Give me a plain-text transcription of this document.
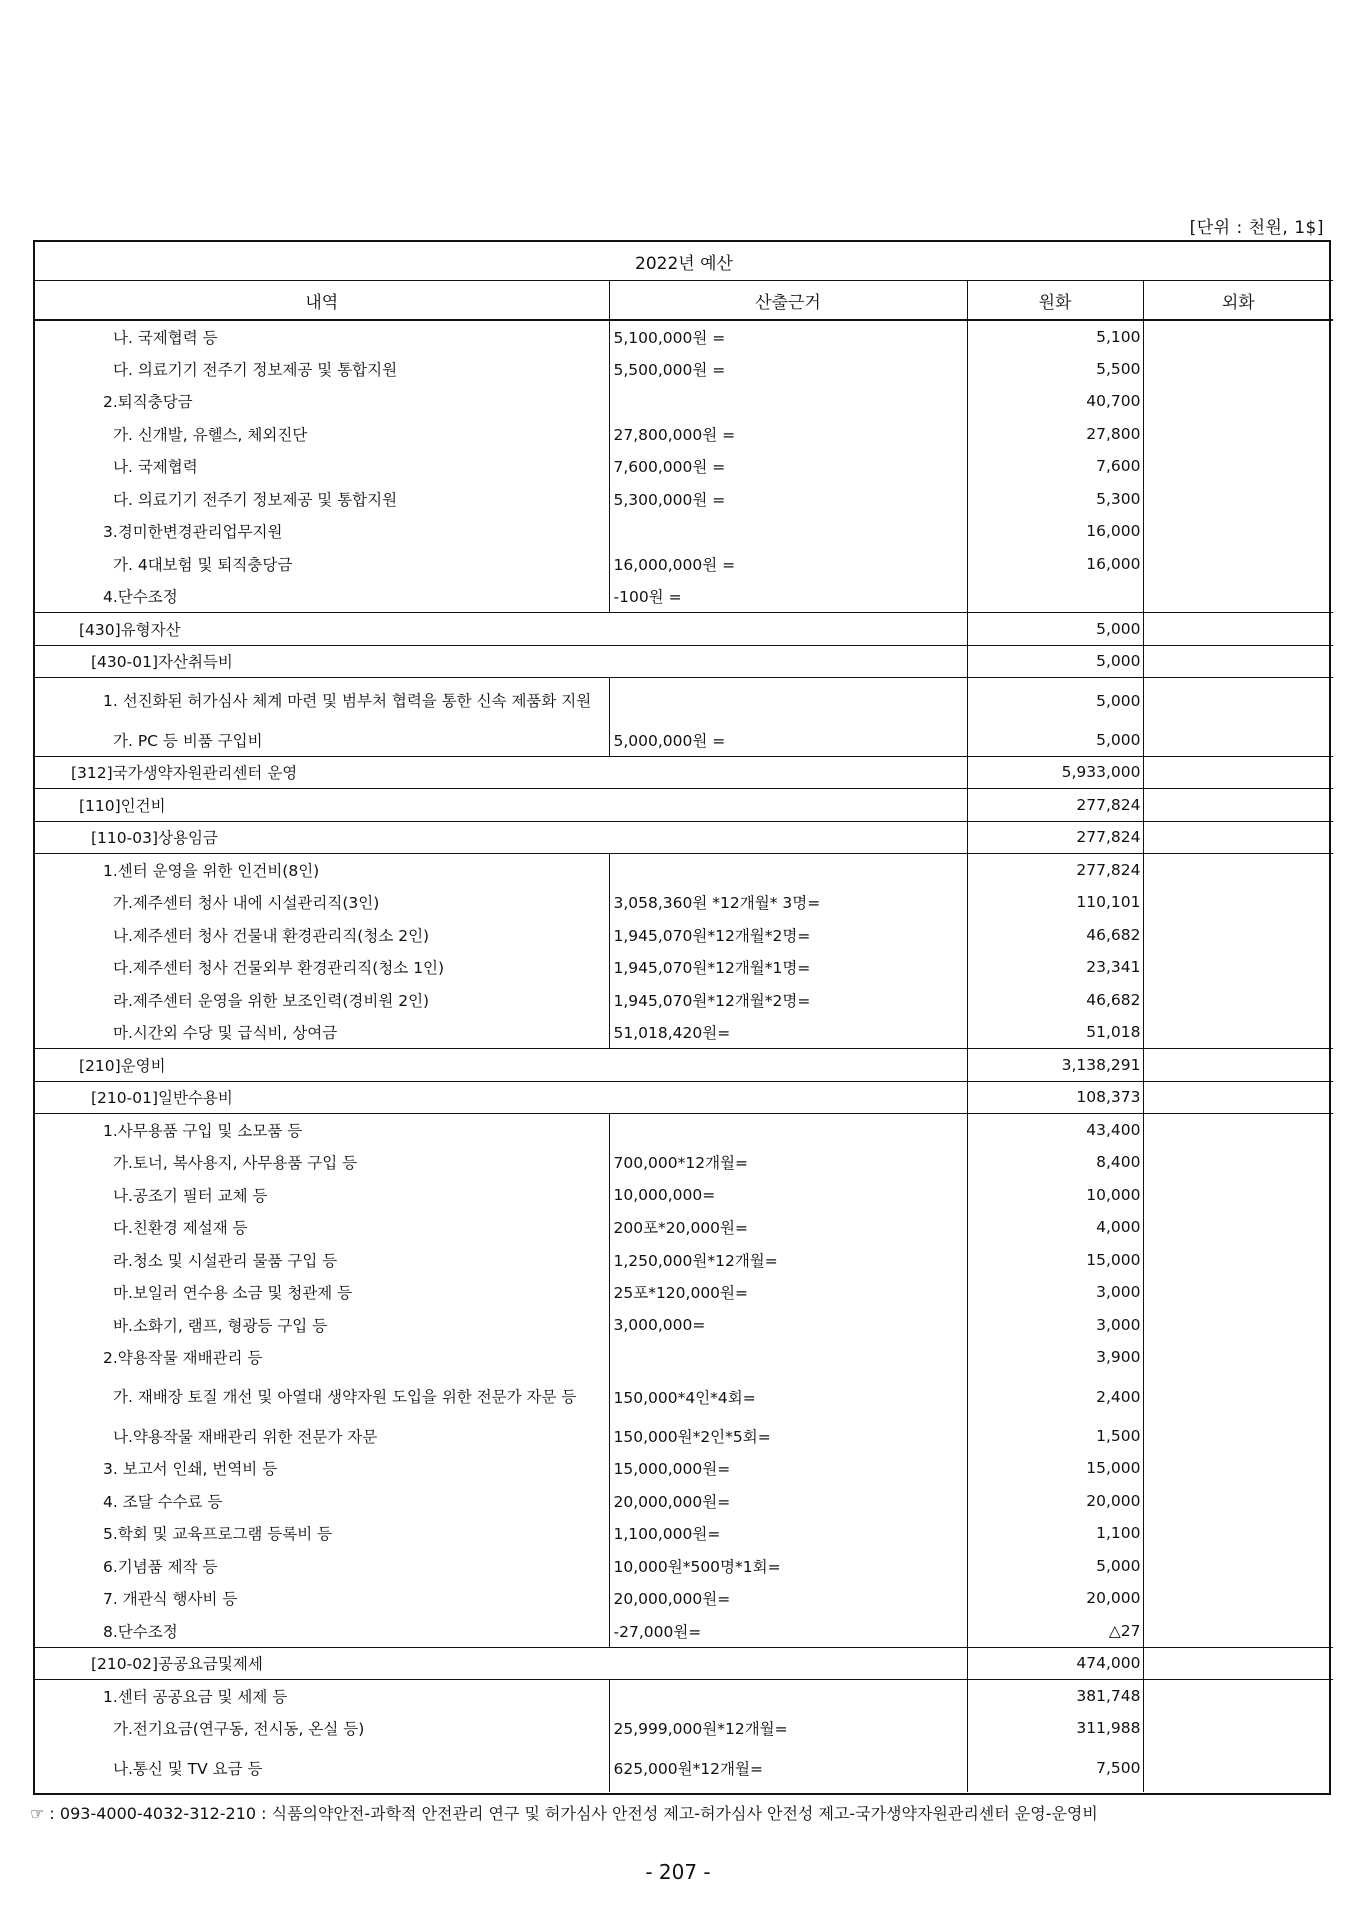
[단위 : 천원, 1$]
2022년 예산			
내역	산출근거	원화	외화
나. 국제협력 등	5,100,000원 =	5,100	
다. 의료기기 전주기 정보제공 및 통합지원	5,500,000원 =	5,500	
2.퇴직충당금		40,700	
가. 신개발, 유헬스, 체외진단	27,800,000원 =	27,800	
나. 국제협력	7,600,000원 =	7,600	
다. 의료기기 전주기 정보제공 및 통합지원	5,300,000원 =	5,300	
3.경미한변경관리업무지원		16,000	
가. 4대보험 및 퇴직충당금	16,000,000원 =	16,000	
4.단수조정	-100원 =		
[430]유형자산		5,000	
[430-01]자산취득비		5,000	
1. 선진화된 허가심사 체계 마련 및 범부처 협력을 통한 신속 제품화 지원		5,000	
가. PC 등 비품 구입비	5,000,000원 =	5,000	
[312]국가생약자원관리센터 운영		5,933,000	
[110]인건비		277,824	
[110-03]상용임금		277,824	
1.센터 운영을 위한 인건비(8인)		277,824	
가.제주센터 청사 내에 시설관리직(3인)	3,058,360원 *12개월* 3명=	110,101	
나.제주센터 청사 건물내 환경관리직(청소 2인)	1,945,070원*12개월*2명=	46,682	
다.제주센터 청사 건물외부 환경관리직(청소 1인)	1,945,070원*12개월*1명=	23,341	
라.제주센터 운영을 위한 보조인력(경비원 2인)	1,945,070원*12개월*2명=	46,682	
마.시간외 수당 및 급식비, 상여금	51,018,420원=	51,018	
[210]운영비		3,138,291	
[210-01]일반수용비		108,373	
1.사무용품 구입 및 소모품 등		43,400	
가.토너, 복사용지, 사무용품 구입 등	700,000*12개월=	8,400	
나.공조기 필터 교체 등	10,000,000=	10,000	
다.친환경 제설재 등	200포*20,000원=	4,000	
라.청소 및 시설관리 물품 구입 등	1,250,000원*12개월=	15,000	
마.보일러 연수용 소금 및 청관제 등	25포*120,000원=	3,000	
바.소화기, 램프, 형광등 구입 등	3,000,000=	3,000	
2.약용작물 재배관리 등		3,900	
가. 재배장 토질 개선 및 아열대 생약자원 도입을 위한 전문가 자문 등	150,000*4인*4회=	2,400	
나.약용작물 재배관리 위한 전문가 자문	150,000원*2인*5회=	1,500	
3. 보고서 인쇄, 번역비 등	15,000,000원=	15,000	
4. 조달 수수료 등	20,000,000원=	20,000	
5.학회 및 교육프로그램 등록비 등	1,100,000원=	1,100	
6.기념품 제작 등	10,000원*500명*1회=	5,000	
7. 개관식 행사비 등	20,000,000원=	20,000	
8.단수조정	-27,000원=	△27	
[210-02]공공요금및제세		474,000	
1.센터 공공요금 및 세제 등		381,748	
가.전기요금(연구동, 전시동, 온실 등)	25,999,000원*12개월=	311,988	
나.통신 및 TV 요금 등	625,000원*12개월=	7,500	
☞ : 093-4000-4032-312-210 : 식품의약안전-과학적 안전관리 연구 및 허가심사 안전성 제고-허가심사 안전성 제고-국가생약자원관리센터 운영-운영비
- 207 -
